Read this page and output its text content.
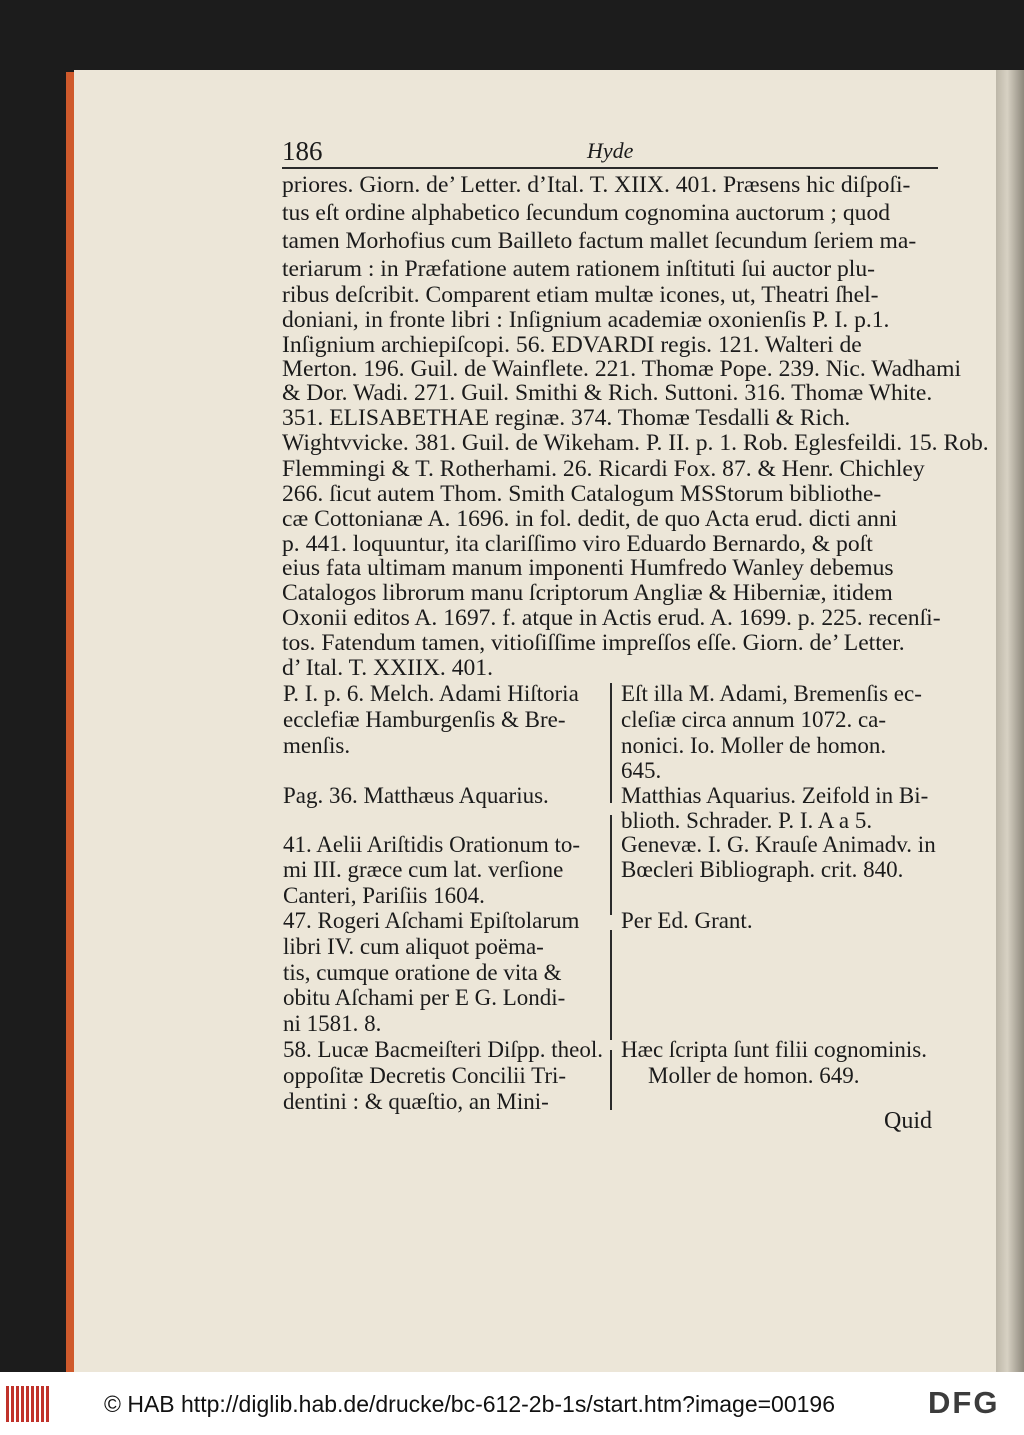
186	Hyde
priores. Giorn. de’ Letter. d’Ital. T. XIIX. 401. Præsens hic diſpoſi-
tus eſt ordine alphabetico ſecundum cognomina auctorum ; quod
tamen Morhofius cum Bailleto factum mallet ſecundum ſeriem ma-
teriarum : in Præfatione autem rationem inſtituti ſui auctor plu-
ribus deſcribit. Comparent etiam multæ icones, ut, Theatri ſhel-
doniani, in fronte libri : Inſignium academiæ oxonienſis P. I. p.1.
Inſignium archiepiſcopi. 56. EDVARDI regis. 121. Walteri de
Merton. 196. Guil. de Wainflete. 221. Thomæ Pope. 239. Nic. Wadhami
& Dor. Wadi. 271. Guil. Smithi & Rich. Suttoni. 316. Thomæ White.
351. ELISABETHAE reginæ. 374. Thomæ Tesdalli & Rich.
Wightvvicke. 381. Guil. de Wikeham. P. II. p. 1. Rob. Eglesfeildi. 15. Rob.
Flemmingi & T. Rotherhami. 26. Ricardi Fox. 87. & Henr. Chichley
266. ſicut autem Thom. Smith Catalogum MSStorum bibliothe-
cæ Cottonianæ A. 1696. in fol. dedit, de quo Acta erud. dicti anni
p. 441. loquuntur, ita clariſſimo viro Eduardo Bernardo, & poſt
eius fata ultimam manum imponenti Humfredo Wanley debemus
Catalogos librorum manu ſcriptorum Angliæ & Hiberniæ, itidem
Oxonii editos A. 1697. f. atque in Actis erud. A. 1699. p. 225. recenſi-
tos. Fatendum tamen, vitioſiſſime impreſſos eſſe. Giorn. de’ Letter.
d’ Ital. T. XXIIX. 401.
P. I. p. 6. Melch. Adami Hiſtoria
ecclefiæ Hamburgenſis & Bre-
menſis.
Pag. 36. Matthæus Aquarius.
41. Aelii Ariſtidis Orationum to-
mi III. græce cum lat. verſione
Canteri, Pariſiis 1604.
47. Rogeri Aſchami Epiſtolarum
libri IV. cum aliquot poëma-
tis, cumque oratione de vita &
obitu Aſchami per E G. Londi-
ni 1581. 8.
58. Lucæ Bacmeiſteri Diſpp. theol.
oppoſitæ Decretis Concilii Tri-
dentini : & quæſtio, an Mini-
Eſt illa M. Adami, Bremenſis ec-
cleſiæ circa annum 1072. ca-
nonici. Io. Moller de homon.
645.
Matthias Aquarius. Zeifold in Bi-
blioth. Schrader. P. I. A a 5.
Genevæ. I. G. Krauſe Animadv. in
Bœcleri Bibliograph. crit. 840.
Per Ed. Grant.
Hæc ſcripta ſunt filii cognominis.
Moller de homon. 649.
Quid
© HAB http://diglib.hab.de/drucke/bc-612-2b-1s/start.htm?image=00196	DFG
